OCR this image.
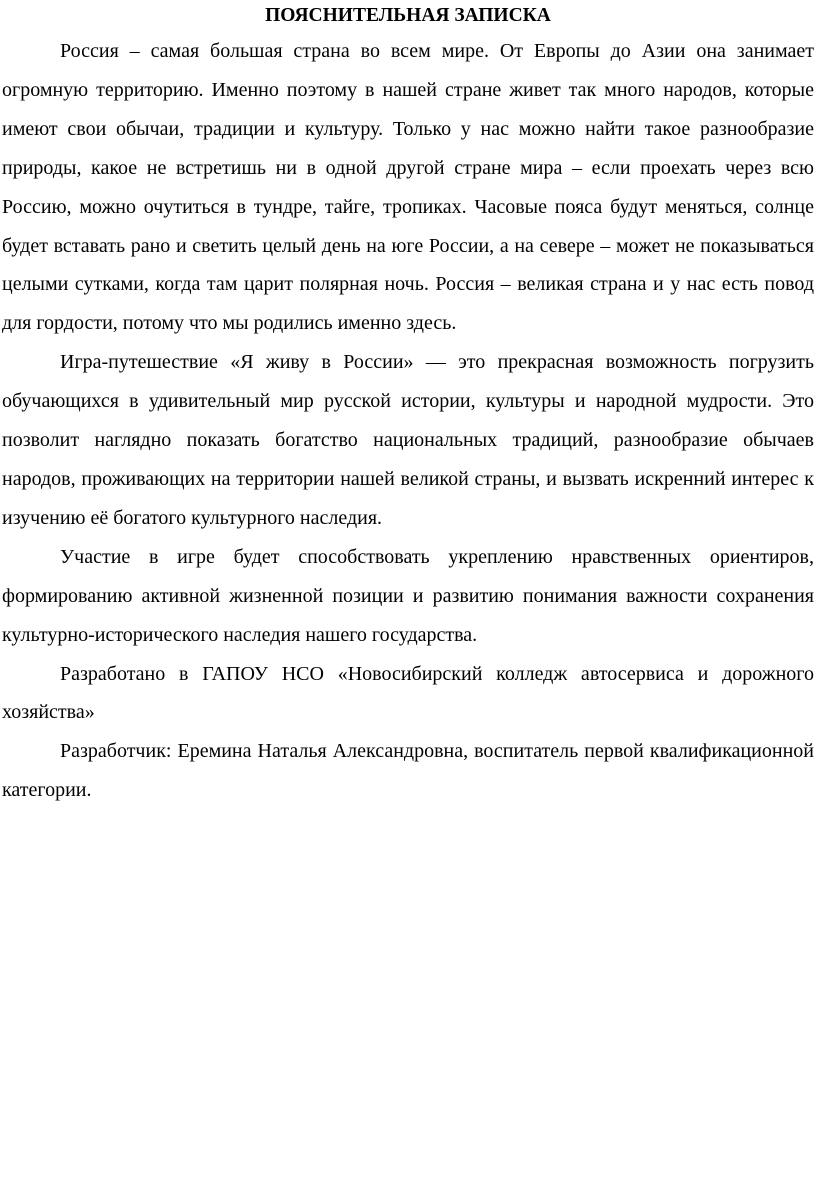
ПОЯСНИТЕЛЬНАЯ ЗАПИСКА

Россия – самая большая страна во всем мире. От Европы до Азии она занимает огромную территорию. Именно поэтому в нашей стране живет так много народов, которые имеют свои обычаи, традиции и культуру. Только у нас можно найти такое разнообразие природы, какое не встретишь ни в одной другой стране мира – если проехать через всю Россию, можно очутиться в тундре, тайге, тропиках. Часовые пояса будут меняться, солнце будет вставать рано и светить целый день на юге России, а на севере – может не показываться целыми сутками, когда там царит полярная ночь. Россия – великая страна и у нас есть повод для гордости, потому что мы родились именно здесь.

Игра-путешествие «Я живу в России» — это прекрасная возможность погрузить обучающихся в удивительный мир русской истории, культуры и народной мудрости. Это позволит наглядно показать богатство национальных традиций, разнообразие обычаев народов, проживающих на территории нашей великой страны, и вызвать искренний интерес к изучению её богатого культурного наследия.

Участие в игре будет способствовать укреплению нравственных ориентиров, формированию активной жизненной позиции и развитию понимания важности сохранения культурно-исторического наследия нашего государства.

Разработано в ГАПОУ НСО «Новосибирский колледж автосервиса и дорожного хозяйства»

Разработчик: Еремина Наталья Александровна, воспитатель первой квалификационной категории.
